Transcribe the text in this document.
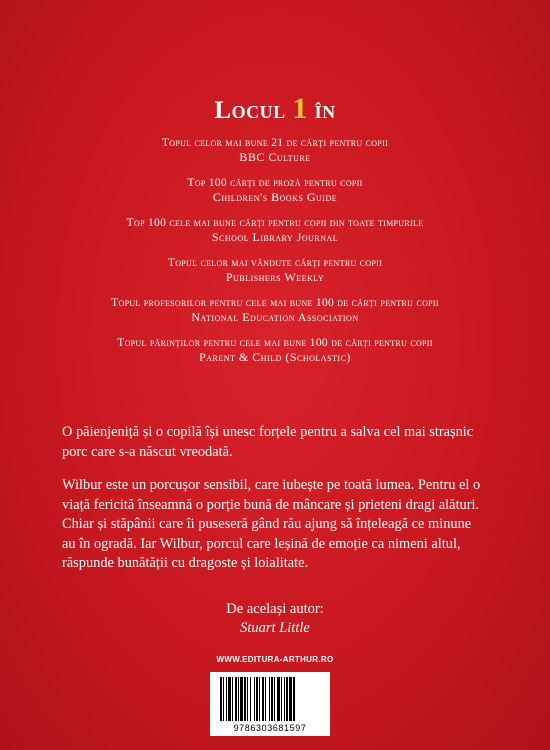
Locul 1 în
Topul celor mai bune 21 de cărți pentru copii
BBC Culture
Top 100 cărți de proză pentru copii
Children's Books Guide
Top 100 cele mai bune cărți pentru copii din toate timpurile
School Library Journal
Topul celor mai vândute cărți pentru copii
Publishers Weekly
Topul profesorilor pentru cele mai bune 100 de cărți pentru copii
National Education Association
Topul părinților pentru cele mai bune 100 de cărți pentru copii
Parent & Child (Scholastic)

O păienjeniță și o copilă își unesc forțele pentru a salva cel mai strașnic porc care s-a născut vreodată.

Wilbur este un porcușor sensibil, care iubește pe toată lumea. Pentru el o viață fericită înseamnă o porție bună de mâncare și prieteni dragi alături. Chiar și stăpânii care îi puseseră gând rău ajung să înțeleagă ce minune au în ogradă. Iar Wilbur, porcul care leșină de emoție ca nimeni altul, răspunde bunătății cu dragoste și loialitate.

De același autor:
Stuart Little
WWW.EDITURA-ARTHUR.RO
9786303681597
